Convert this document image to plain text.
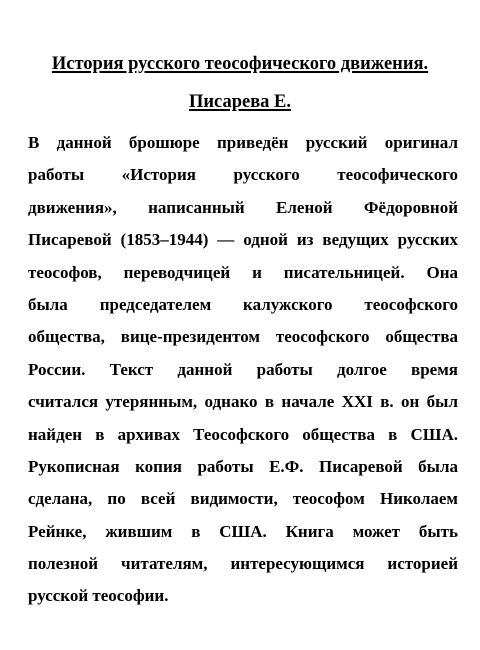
История русского теософического движения.
Писарева Е.
В данной брошюре приведён русский оригинал
работы «История русского теософического
движения», написанный Еленой Фёдоровной
Писаревой (1853–1944) — одной из ведущих русских
теософов, переводчицей и писательницей. Она
была председателем калужского теософского
общества, вице-президентом теософского общества
России. Текст данной работы долгое время
считался утерянным, однако в начале XXI в. он был
найден в архивах Теософского общества в США.
Рукописная копия работы Е.Ф. Писаревой была
сделана, по всей видимости, теософом Николаем
Рейнке, жившим в США. Книга может быть
полезной читателям, интересующимся историей
русской теософии.
